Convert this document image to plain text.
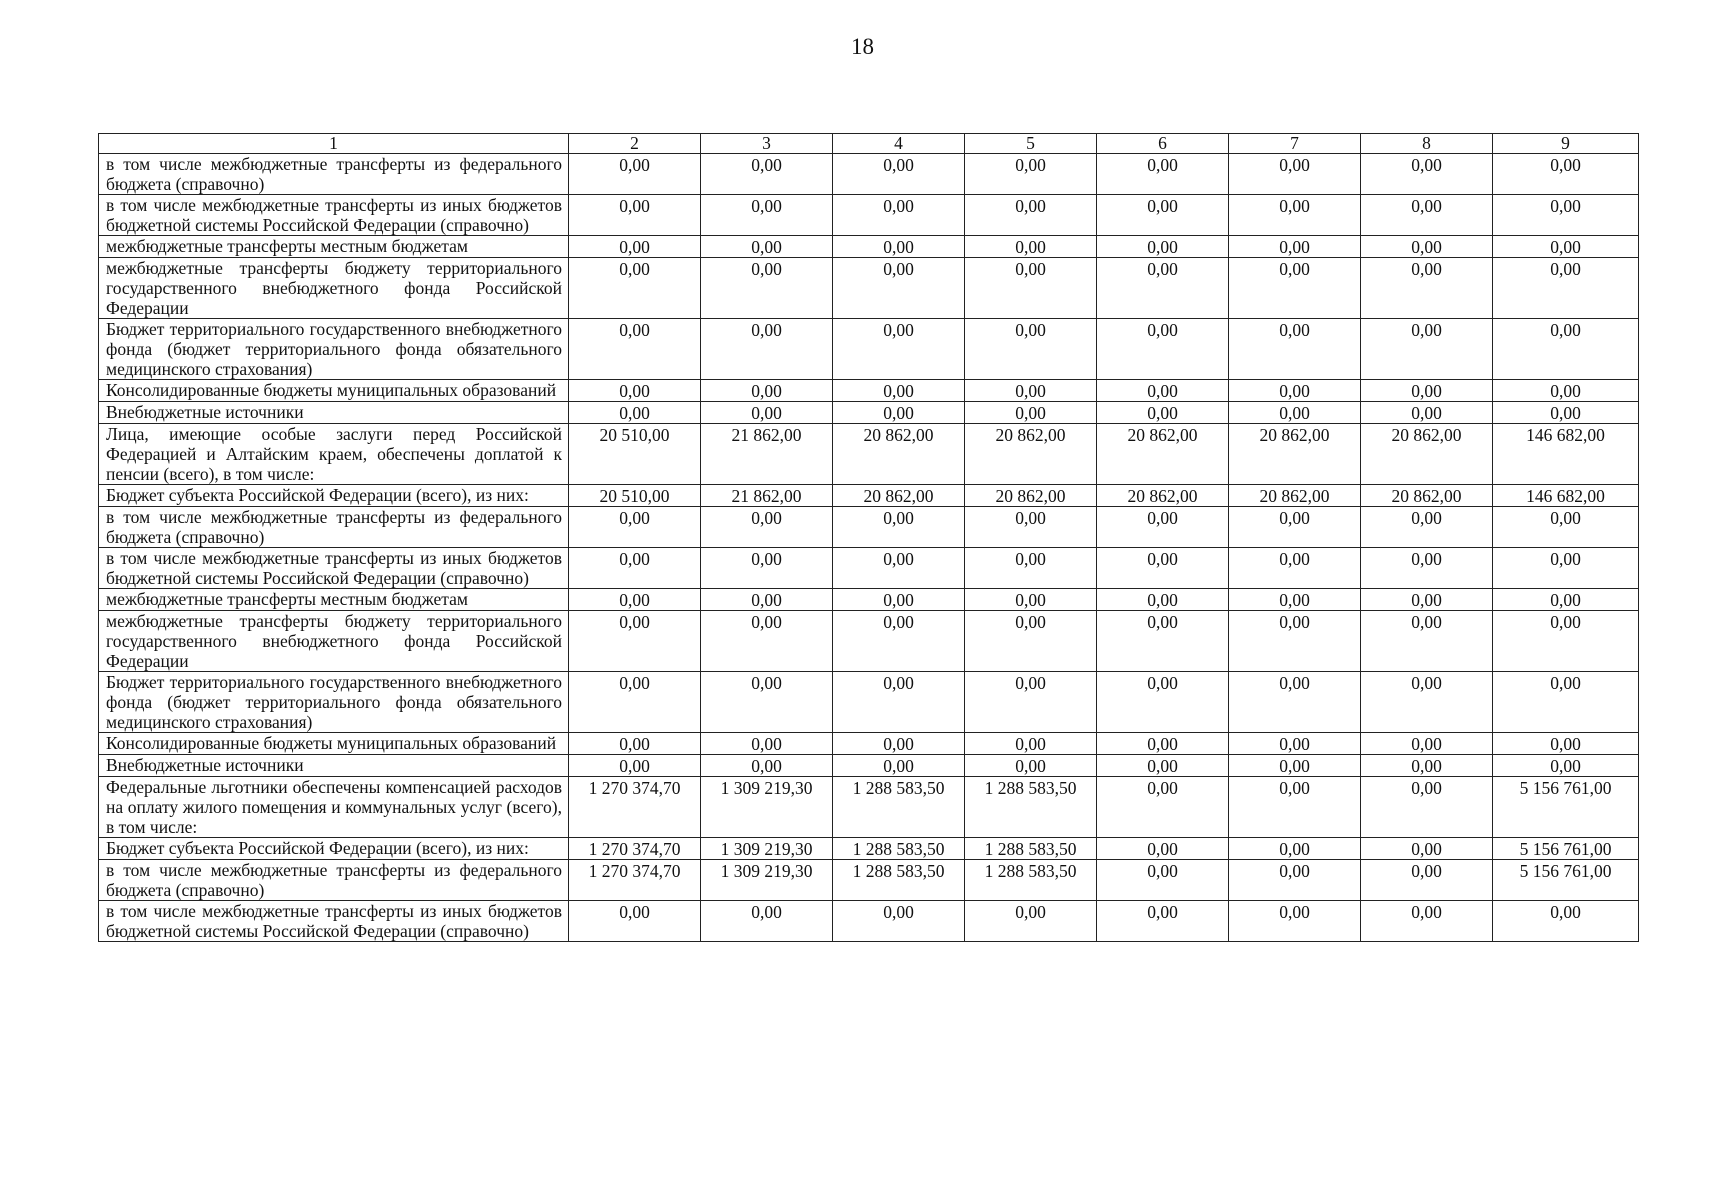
18
1	2	3	4	5	6	7	8	9
в том числе межбюджетные трансферты из федерального бюджета (справочно)	0,00	0,00	0,00	0,00	0,00	0,00	0,00	0,00
в том числе межбюджетные трансферты из иных бюджетов бюджетной системы Российской Федерации (справочно)	0,00	0,00	0,00	0,00	0,00	0,00	0,00	0,00
межбюджетные трансферты местным бюджетам	0,00	0,00	0,00	0,00	0,00	0,00	0,00	0,00
межбюджетные трансферты бюджету территориального государственного внебюджетного фонда Российской Федерации	0,00	0,00	0,00	0,00	0,00	0,00	0,00	0,00
Бюджет территориального государственного внебюджетного фонда (бюджет территориального фонда обязательного медицинского страхования)	0,00	0,00	0,00	0,00	0,00	0,00	0,00	0,00
Консолидированные бюджеты муниципальных образований	0,00	0,00	0,00	0,00	0,00	0,00	0,00	0,00
Внебюджетные источники	0,00	0,00	0,00	0,00	0,00	0,00	0,00	0,00
Лица, имеющие особые заслуги перед Российской Федерацией и Алтайским краем, обеспечены доплатой к пенсии (всего), в том числе:	20 510,00	21 862,00	20 862,00	20 862,00	20 862,00	20 862,00	20 862,00	146 682,00
Бюджет субъекта Российской Федерации (всего), из них:	20 510,00	21 862,00	20 862,00	20 862,00	20 862,00	20 862,00	20 862,00	146 682,00
в том числе межбюджетные трансферты из федерального бюджета (справочно)	0,00	0,00	0,00	0,00	0,00	0,00	0,00	0,00
в том числе межбюджетные трансферты из иных бюджетов бюджетной системы Российской Федерации (справочно)	0,00	0,00	0,00	0,00	0,00	0,00	0,00	0,00
межбюджетные трансферты местным бюджетам	0,00	0,00	0,00	0,00	0,00	0,00	0,00	0,00
межбюджетные трансферты бюджету территориального государственного внебюджетного фонда Российской Федерации	0,00	0,00	0,00	0,00	0,00	0,00	0,00	0,00
Бюджет территориального государственного внебюджетного фонда (бюджет территориального фонда обязательного медицинского страхования)	0,00	0,00	0,00	0,00	0,00	0,00	0,00	0,00
Консолидированные бюджеты муниципальных образований	0,00	0,00	0,00	0,00	0,00	0,00	0,00	0,00
Внебюджетные источники	0,00	0,00	0,00	0,00	0,00	0,00	0,00	0,00
Федеральные льготники обеспечены компенсацией расходов на оплату жилого помещения и коммунальных услуг (всего), в том числе:	1 270 374,70	1 309 219,30	1 288 583,50	1 288 583,50	0,00	0,00	0,00	5 156 761,00
Бюджет субъекта Российской Федерации (всего), из них:	1 270 374,70	1 309 219,30	1 288 583,50	1 288 583,50	0,00	0,00	0,00	5 156 761,00
в том числе межбюджетные трансферты из федерального бюджета (справочно)	1 270 374,70	1 309 219,30	1 288 583,50	1 288 583,50	0,00	0,00	0,00	5 156 761,00
в том числе межбюджетные трансферты из иных бюджетов бюджетной системы Российской Федерации (справочно)	0,00	0,00	0,00	0,00	0,00	0,00	0,00	0,00
